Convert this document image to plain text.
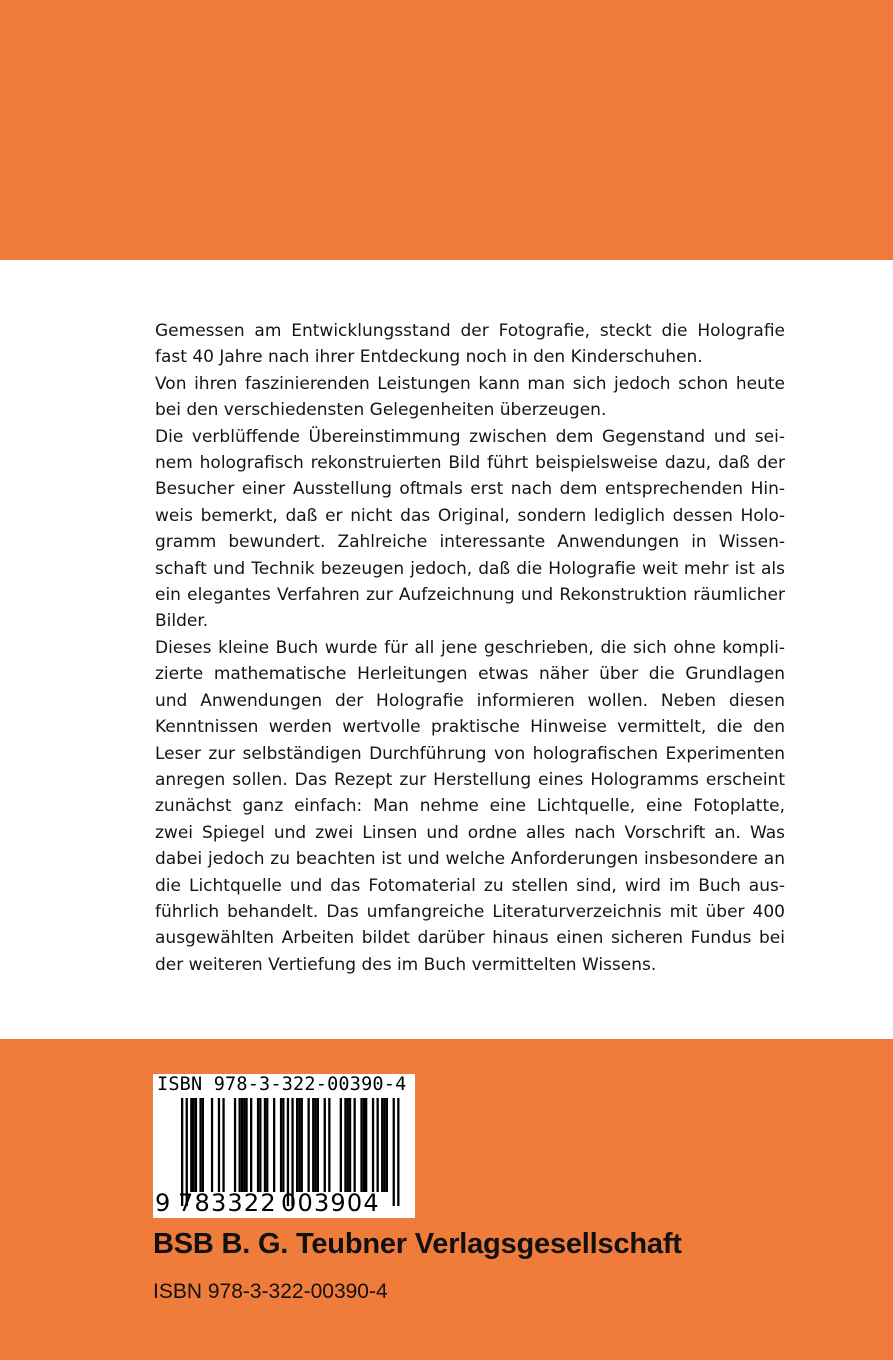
Gemessen am Entwicklungsstand der Fotografie, steckt die Holografie fast 40 Jahre nach ihrer Entdeckung noch in den Kinderschuhen.

Von ihren faszinierenden Leistungen kann man sich jedoch schon heute bei den verschiedensten Gelegenheiten überzeugen.

Die verblüffende Übereinstimmung zwischen dem Gegenstand und seinem holografisch rekonstruierten Bild führt beispielsweise dazu, daß der Besucher einer Ausstellung oftmals erst nach dem entsprechenden Hinweis bemerkt, daß er nicht das Original, sondern lediglich dessen Hologramm bewundert. Zahlreiche interessante Anwendungen in Wissenschaft und Technik bezeugen jedoch, daß die Holografie weit mehr ist als ein elegantes Verfahren zur Aufzeichnung und Rekonstruktion räumlicher Bilder.

Dieses kleine Buch wurde für all jene geschrieben, die sich ohne komplizierte mathematische Herleitungen etwas näher über die Grundlagen und Anwendungen der Holografie informieren wollen. Neben diesen Kenntnissen werden wertvolle praktische Hinweise vermittelt, die den Leser zur selbständigen Durchführung von holografischen Experimenten anregen sollen. Das Rezept zur Herstellung eines Hologramms erscheint zunächst ganz einfach: Man nehme eine Lichtquelle, eine Fotoplatte, zwei Spiegel und zwei Linsen und ordne alles nach Vorschrift an. Was dabei jedoch zu beachten ist und welche Anforderungen insbesondere an die Lichtquelle und das Fotomaterial zu stellen sind, wird im Buch ausführlich behandelt. Das umfangreiche Literaturverzeichnis mit über 400 ausgewählten Arbeiten bildet darüber hinaus einen sicheren Fundus bei der weiteren Vertiefung des im Buch vermittelten Wissens.

ISBN 978-3-322-00390-4
9 783322 003904
BSB B. G. Teubner Verlagsgesellschaft
ISBN 978-3-322-00390-4
